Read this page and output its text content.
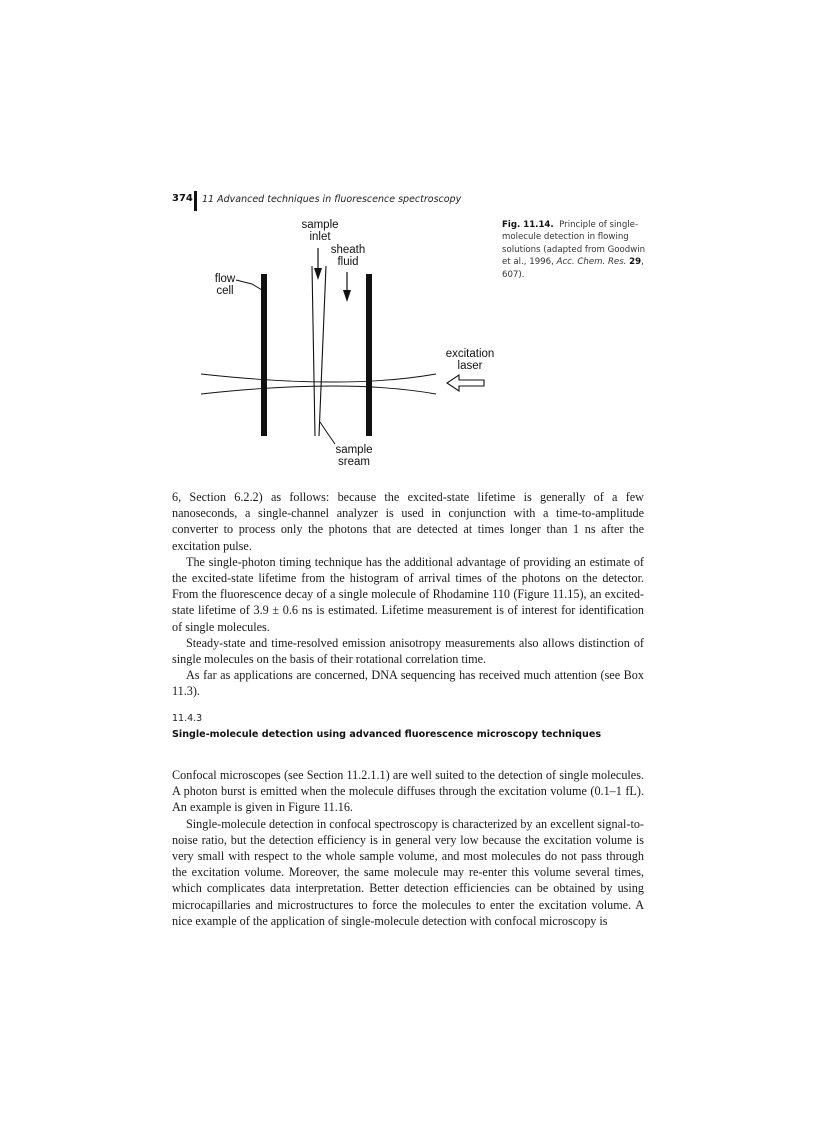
374 11 Advanced techniques in fluorescence spectroscopy
sample
inlet
sheath
fluid
flow
cell
excitation
laser
sample
sream
Fig. 11.14. Principle of single-molecule detection in flowing solutions (adapted from Goodwin et al., 1996, Acc. Chem. Res. 29, 607).

6, Section 6.2.2) as follows: because the excited-state lifetime is generally of a few nanoseconds, a single-channel analyzer is used in conjunction with a time-to-amplitude converter to process only the photons that are detected at times longer than 1 ns after the excitation pulse.

The single-photon timing technique has the additional advantage of providing an estimate of the excited-state lifetime from the histogram of arrival times of the photons on the detector. From the fluorescence decay of a single molecule of Rhodamine 110 (Figure 11.15), an excited-state lifetime of 3.9 ± 0.6 ns is estimated. Lifetime measurement is of interest for identification of single molecules.

Steady-state and time-resolved emission anisotropy measurements also allows distinction of single molecules on the basis of their rotational correlation time.

As far as applications are concerned, DNA sequencing has received much attention (see Box 11.3).

11.4.3
Single-molecule detection using advanced fluorescence microscopy techniques

Confocal microscopes (see Section 11.2.1.1) are well suited to the detection of single molecules. A photon burst is emitted when the molecule diffuses through the excitation volume (0.1–1 fL). An example is given in Figure 11.16.

Single-molecule detection in confocal spectroscopy is characterized by an excellent signal-to-noise ratio, but the detection efficiency is in general very low because the excitation volume is very small with respect to the whole sample volume, and most molecules do not pass through the excitation volume. Moreover, the same molecule may re-enter this volume several times, which complicates data interpretation. Better detection efficiencies can be obtained by using microcapillaries and microstructures to force the molecules to enter the excitation volume. A nice example of the application of single-molecule detection with confocal microscopy is
